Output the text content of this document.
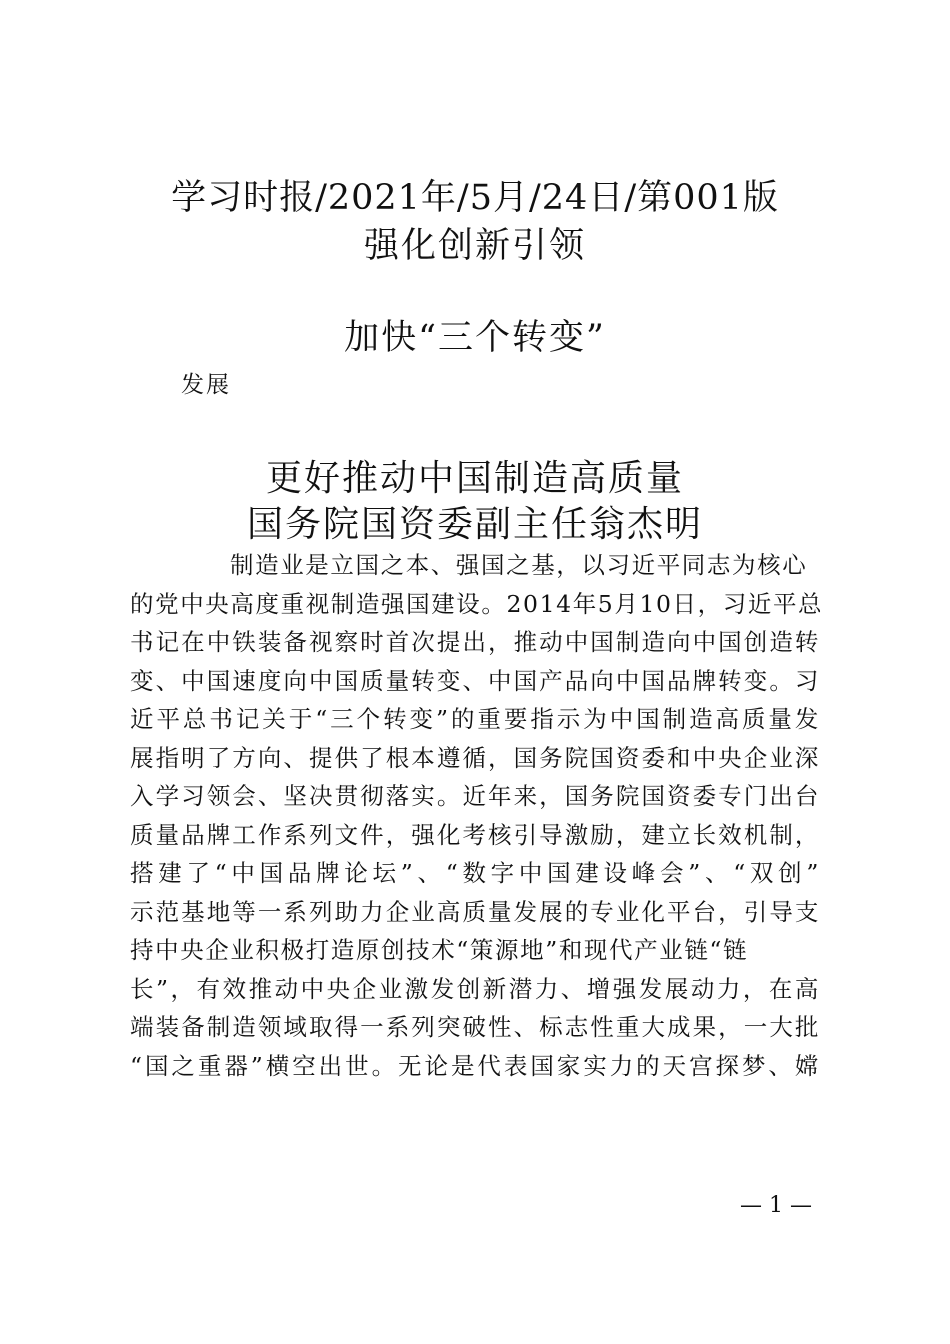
学习时报/2021年/5月/24日/第001版
强化创新引领
加快“三个转变”
发展
更好推动中国制造高质量
国务院国资委副主任翁杰明
制造业是立国之本、强国之基，以习近平同志为核心
的党中央高度重视制造强国建设。2014年5月10日，习近平总
书记在中铁装备视察时首次提出，推动中国制造向中国创造转
变、中国速度向中国质量转变、中国产品向中国品牌转变。习
近平总书记关于“三个转变”的重要指示为中国制造高质量发
展指明了方向、提供了根本遵循，国务院国资委和中央企业深
入学习领会、坚决贯彻落实。近年来，国务院国资委专门出台
质量品牌工作系列文件，强化考核引导激励，建立长效机制，
搭建了“中国品牌论坛”、“数字中国建设峰会”、“双创”
示范基地等一系列助力企业高质量发展的专业化平台，引导支
持中央企业积极打造原创技术“策源地”和现代产业链“链
长”，有效推动中央企业激发创新潜力、增强发展动力，在高
端装备制造领域取得一系列突破性、标志性重大成果，一大批
“国之重器”横空出世。无论是代表国家实力的天宫探梦、嫦
— 1 —
